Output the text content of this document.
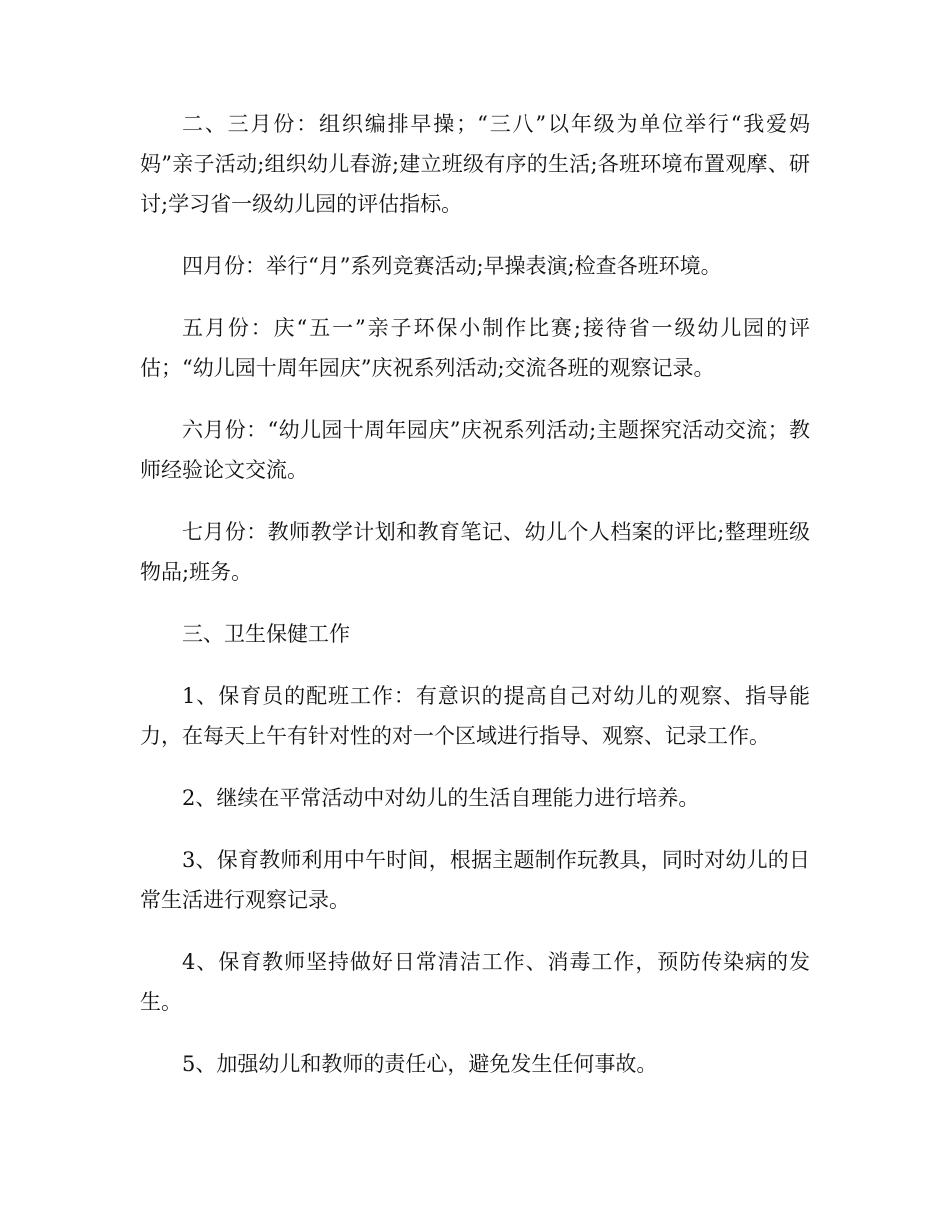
二、三月份：组织编排早操；“三八”以年级为单位举行“我爱妈妈”亲子活动;组织幼儿春游;建立班级有序的生活;各班环境布置观摩、研讨;学习省一级幼儿园的评估指标。

四月份：举行“月”系列竞赛活动;早操表演;检查各班环境。

五月份：庆“五一”亲子环保小制作比赛;接待省一级幼儿园的评估；“幼儿园十周年园庆”庆祝系列活动;交流各班的观察记录。

六月份：“幼儿园十周年园庆”庆祝系列活动;主题探究活动交流；教师经验论文交流。

七月份：教师教学计划和教育笔记、幼儿个人档案的评比;整理班级物品;班务。

三、卫生保健工作

1、保育员的配班工作：有意识的提高自己对幼儿的观察、指导能力，在每天上午有针对性的对一个区域进行指导、观察、记录工作。

2、继续在平常活动中对幼儿的生活自理能力进行培养。

3、保育教师利用中午时间，根据主题制作玩教具，同时对幼儿的日常生活进行观察记录。

4、保育教师坚持做好日常清洁工作、消毒工作，预防传染病的发生。

5、加强幼儿和教师的责任心，避免发生任何事故。
